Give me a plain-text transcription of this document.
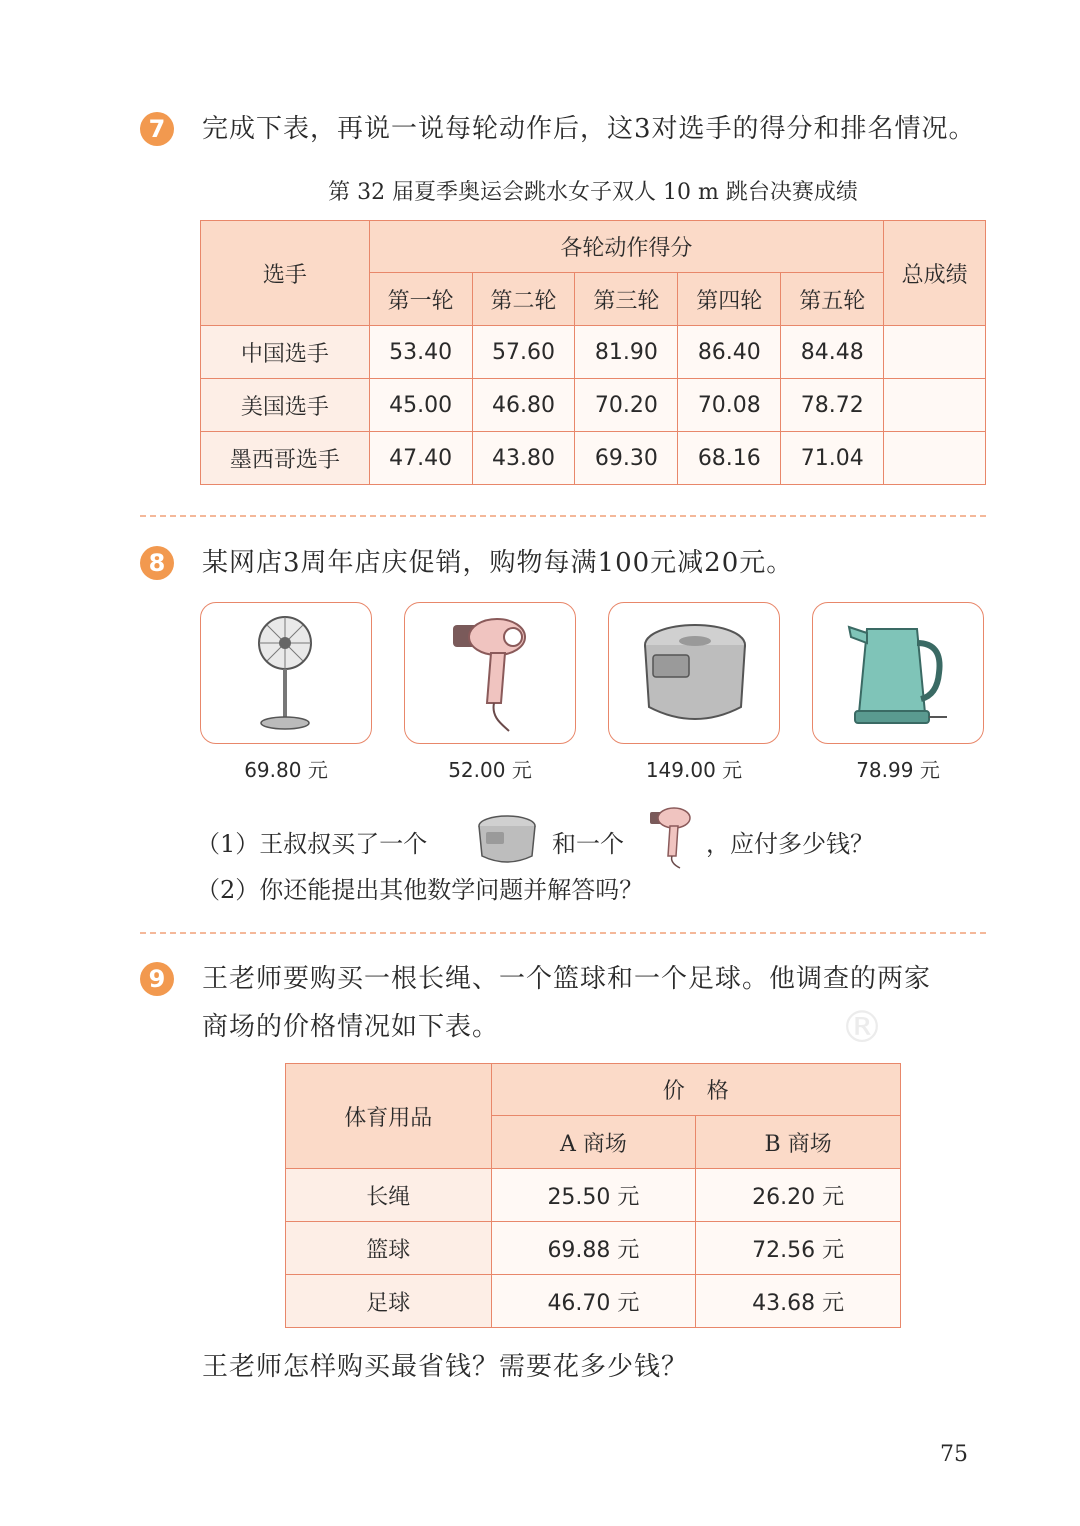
7	完成下表，再说一说每轮动作后，这3对选手的得分和排名情况。
第 32 届夏季奥运会跳水女子双人 10 m 跳台决赛成绩
选手	各轮动作得分					总成绩
	第一轮	第二轮	第三轮	第四轮	第五轮	
中国选手	53.40	57.60	81.90	86.40	84.48	
美国选手	45.00	46.80	70.20	70.08	78.72	
墨西哥选手	47.40	43.80	69.30	68.16	71.04	
8	某网店3周年店庆促销，购物每满100元减20元。
69.80 元	52.00 元	149.00 元	78.99 元
（1）王叔叔买了一个	和一个	，应付多少钱？
（2）你还能提出其他数学问题并解答吗？
9	王老师要购买一根长绳、一个篮球和一个足球。他调查的两家
商场的价格情况如下表。	®
体育用品	价　格	
	A 商场	B 商场
长绳	25.50 元	26.20 元
篮球	69.88 元	72.56 元
足球	46.70 元	43.68 元
王老师怎样购买最省钱？需要花多少钱？
75
